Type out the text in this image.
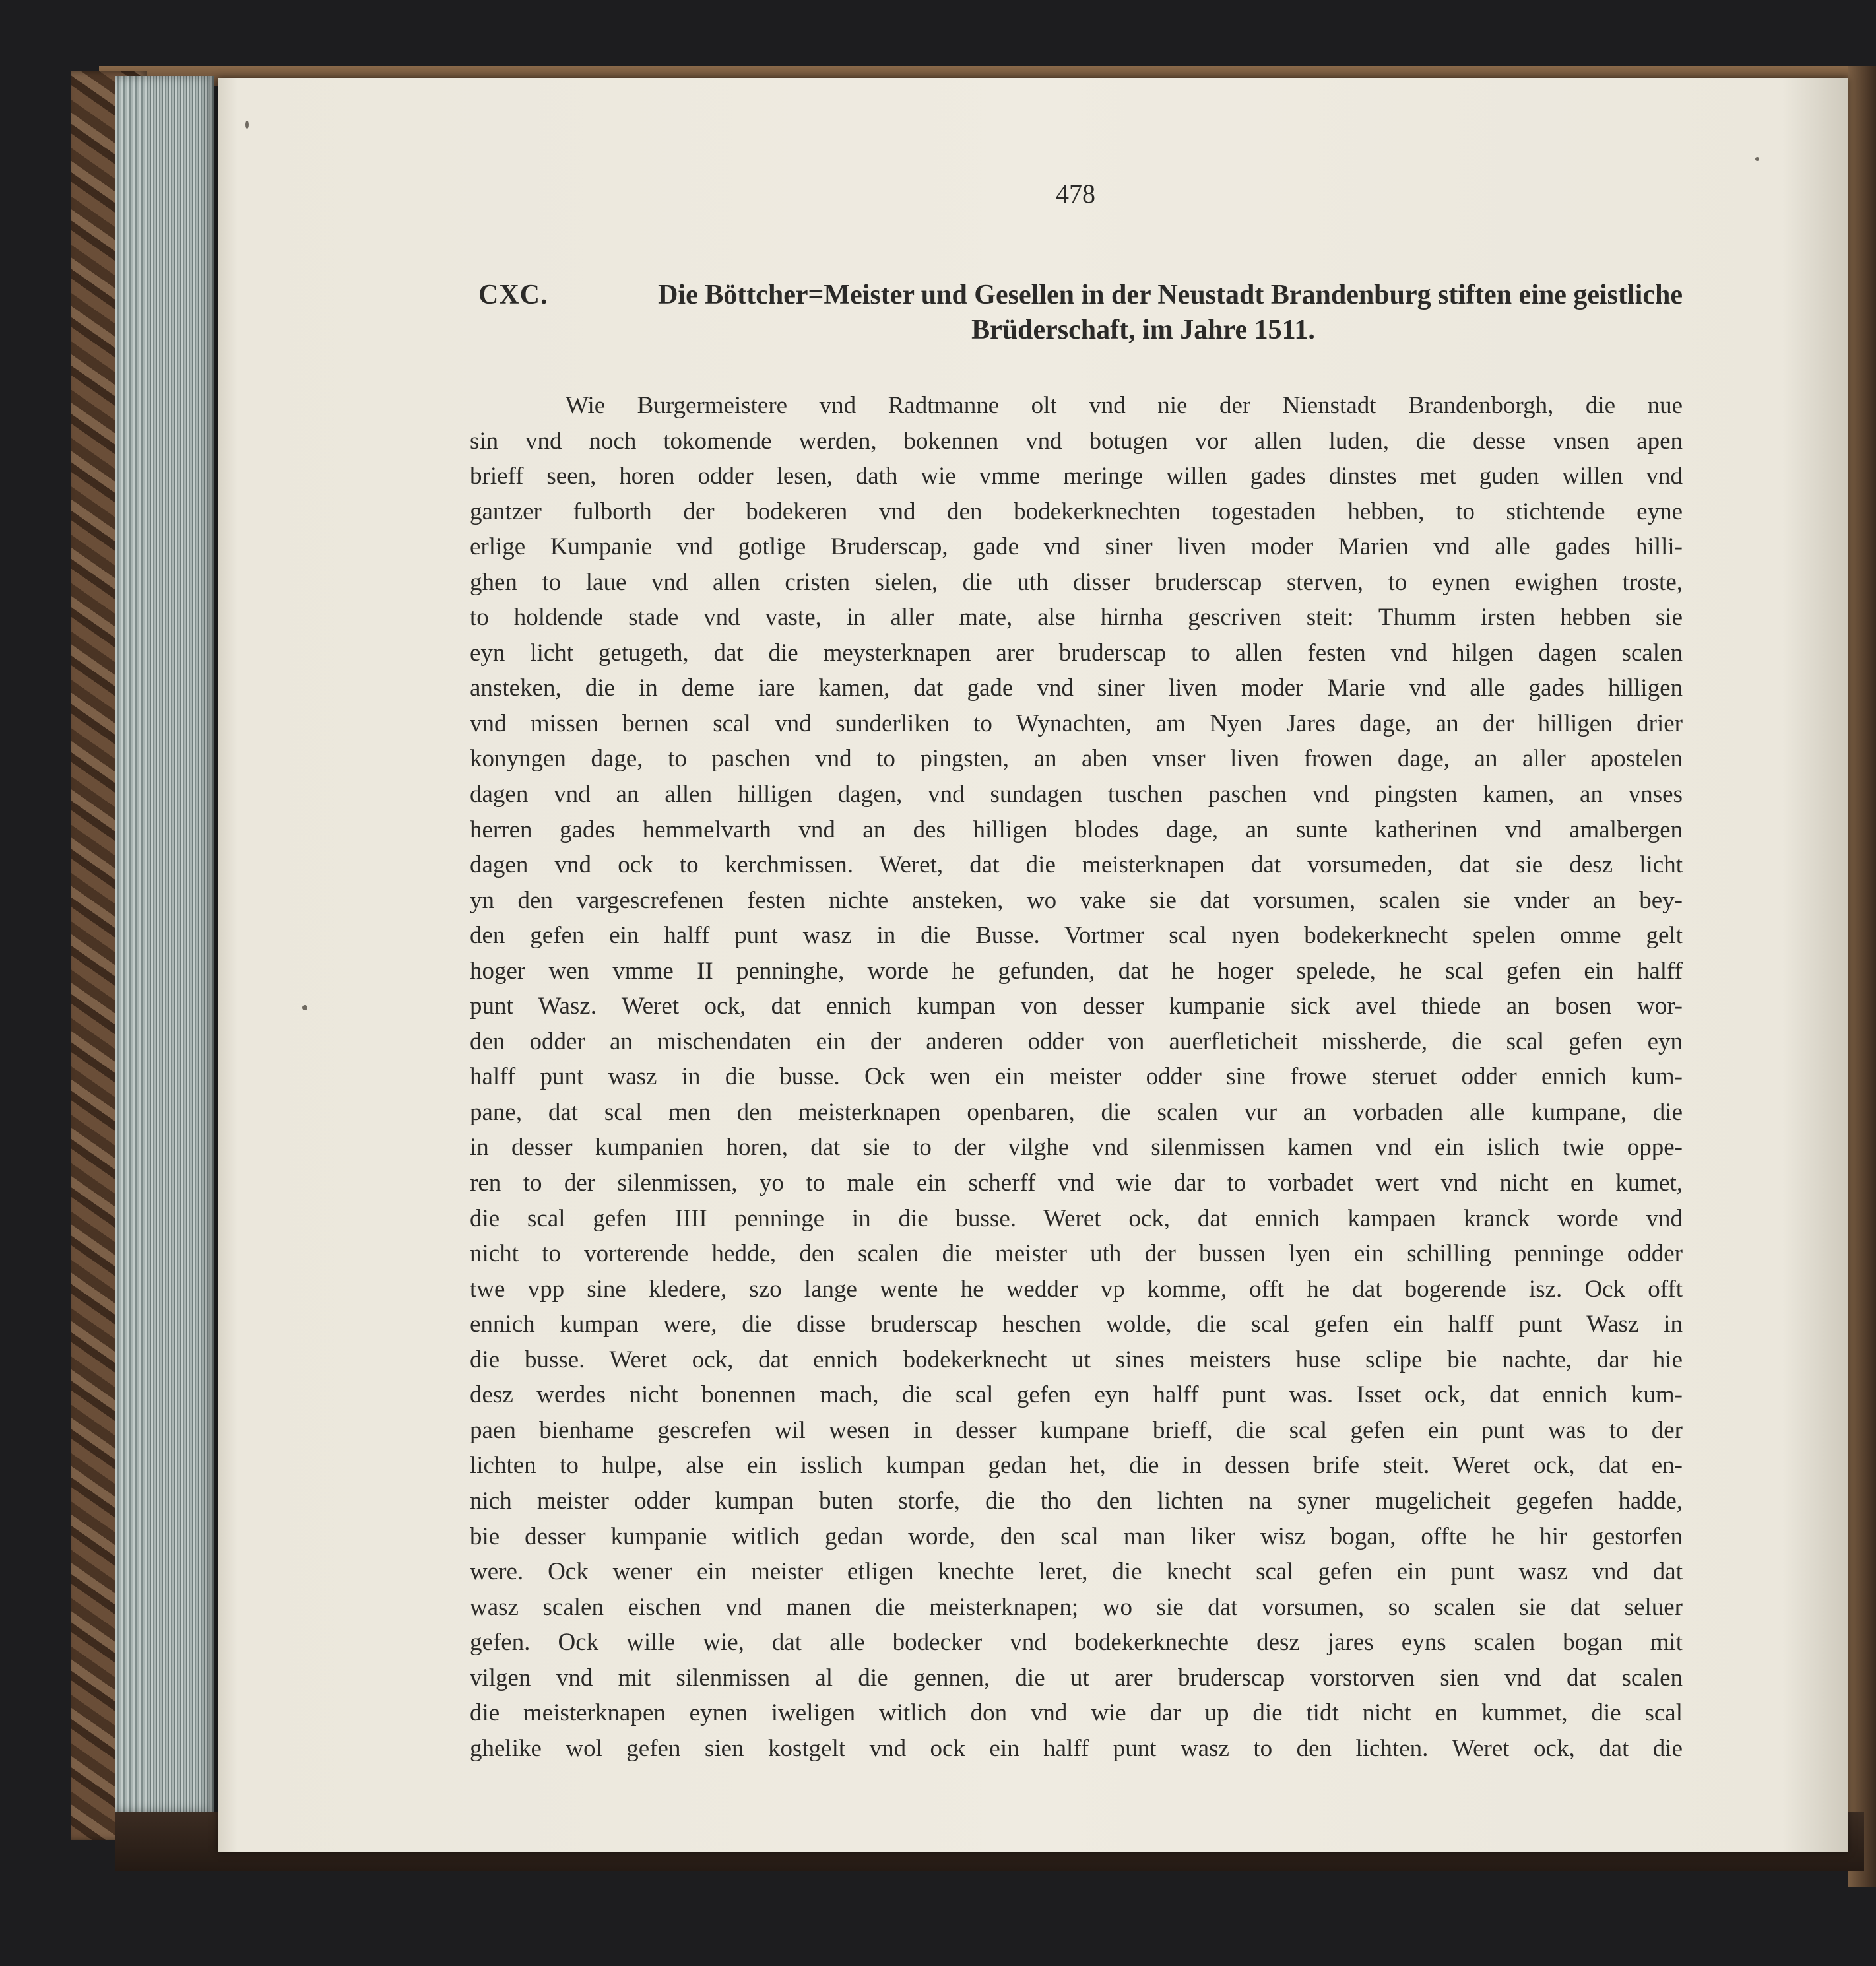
478

CXC.	Die Böttcher=Meister und Gesellen in der Neustadt Brandenburg stiften eine geistliche
Brüderschaft, im Jahre 1511.
Wie Burgermeistere vnd Radtmanne olt vnd nie der Nienstadt Brandenborgh, die nue
sin vnd noch tokomende werden, bokennen vnd botugen vor allen luden, die desse vnsen apen
brieff seen, horen odder lesen, dath wie vmme meringe willen gades dinstes met guden willen vnd
gantzer fulborth der bodekeren vnd den bodekerknechten togestaden hebben, to stichtende eyne
erlige Kumpanie vnd gotlige Bruderscap, gade vnd siner liven moder Marien vnd alle gades hilli-
ghen to laue vnd allen cristen sielen, die uth disser bruderscap sterven, to eynen ewighen troste,
to holdende stade vnd vaste, in aller mate, alse hirnha gescriven steit: Thumm irsten hebben sie
eyn licht getugeth, dat die meysterknapen arer bruderscap to allen festen vnd hilgen dagen scalen
ansteken, die in deme iare kamen, dat gade vnd siner liven moder Marie vnd alle gades hilligen
vnd missen bernen scal vnd sunderliken to Wynachten, am Nyen Jares dage, an der hilligen drier
konyngen dage, to paschen vnd to pingsten, an aben vnser liven frowen dage, an aller apostelen
dagen vnd an allen hilligen dagen, vnd sundagen tuschen paschen vnd pingsten kamen, an vnses
herren gades hemmelvarth vnd an des hilligen blodes dage, an sunte katherinen vnd amalbergen
dagen vnd ock to kerchmissen. Weret, dat die meisterknapen dat vorsumeden, dat sie desz licht
yn den vargescrefenen festen nichte ansteken, wo vake sie dat vorsumen, scalen sie vnder an bey-
den gefen ein halff punt wasz in die Busse. Vortmer scal nyen bodekerknecht spelen omme gelt
hoger wen vmme II penninghe, worde he gefunden, dat he hoger spelede, he scal gefen ein halff
punt Wasz. Weret ock, dat ennich kumpan von desser kumpanie sick avel thiede an bosen wor-
den odder an mischendaten ein der anderen odder von auerfleticheit missherde, die scal gefen eyn
halff punt wasz in die busse. Ock wen ein meister odder sine frowe steruet odder ennich kum-
pane, dat scal men den meisterknapen openbaren, die scalen vur an vorbaden alle kumpane, die
in desser kumpanien horen, dat sie to der vilghe vnd silenmissen kamen vnd ein islich twie oppe-
ren to der silenmissen, yo to male ein scherff vnd wie dar to vorbadet wert vnd nicht en kumet,
die scal gefen IIII penninge in die busse. Weret ock, dat ennich kampaen kranck worde vnd
nicht to vorterende hedde, den scalen die meister uth der bussen lyen ein schilling penninge odder
twe vpp sine kledere, szo lange wente he wedder vp komme, offt he dat bogerende isz. Ock offt
ennich kumpan were, die disse bruderscap heschen wolde, die scal gefen ein halff punt Wasz in
die busse. Weret ock, dat ennich bodekerknecht ut sines meisters huse sclipe bie nachte, dar hie
desz werdes nicht bonennen mach, die scal gefen eyn halff punt was. Isset ock, dat ennich kum-
paen bienhame gescrefen wil wesen in desser kumpane brieff, die scal gefen ein punt was to der
lichten to hulpe, alse ein isslich kumpan gedan het, die in dessen brife steit. Weret ock, dat en-
nich meister odder kumpan buten storfe, die tho den lichten na syner mugelicheit gegefen hadde,
bie desser kumpanie witlich gedan worde, den scal man liker wisz bogan, offte he hir gestorfen
were. Ock wener ein meister etligen knechte leret, die knecht scal gefen ein punt wasz vnd dat
wasz scalen eischen vnd manen die meisterknapen; wo sie dat vorsumen, so scalen sie dat seluer
gefen. Ock wille wie, dat alle bodecker vnd bodekerknechte desz jares eyns scalen bogan mit
vilgen vnd mit silenmissen al die gennen, die ut arer bruderscap vorstorven sien vnd dat scalen
die meisterknapen eynen iweligen witlich don vnd wie dar up die tidt nicht en kummet, die scal
ghelike wol gefen sien kostgelt vnd ock ein halff punt wasz to den lichten. Weret ock, dat die
